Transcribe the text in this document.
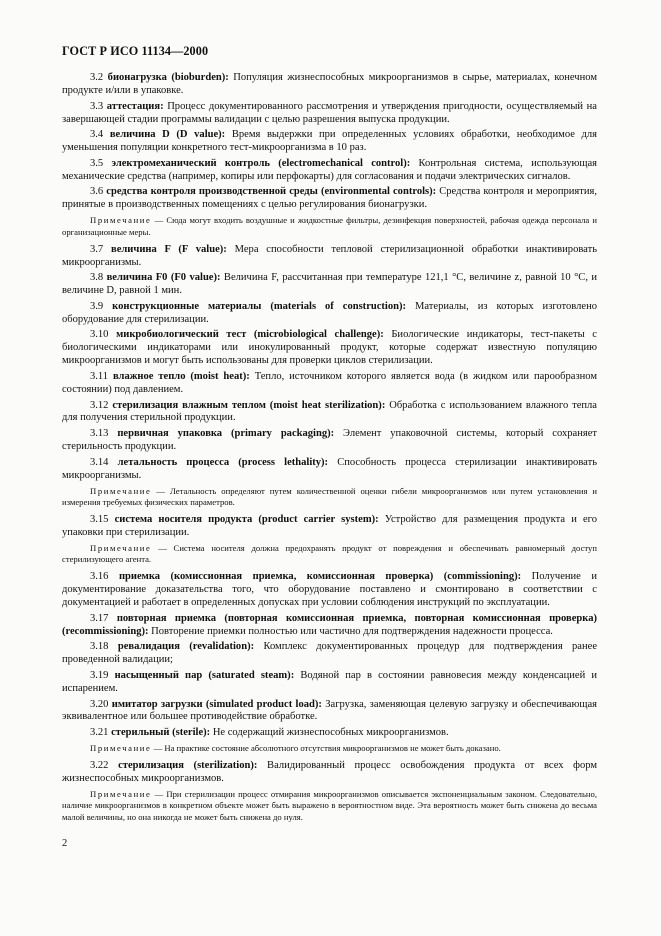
ГОСТ Р ИСО 11134—2000

3.2 бионагрузка (bioburden): Популяция жизнеспособных микроорганизмов в сырье, материалах, конечном продукте и/или в упаковке.

3.3 аттестация: Процесс документированного рассмотрения и утверждения пригодности, осуществляемый на завершающей стадии программы валидации с целью разрешения выпуска продукции.

3.4 величина D (D value): Время выдержки при определенных условиях обработки, необходимое для уменьшения популяции конкретного тест-микроорганизма в 10 раз.

3.5 электромеханический контроль (electromechanical control): Контрольная система, использующая механические средства (например, копиры или перфокарты) для согласования и подачи электрических сигналов.

3.6 средства контроля производственной среды (environmental controls): Средства контроля и мероприятия, принятые в производственных помещениях с целью регулирования бионагрузки.

Примечание — Сюда могут входить воздушные и жидкостные фильтры, дезинфекция поверхностей, рабочая одежда персонала и организационные меры.

3.7 величина F (F value): Мера способности тепловой стерилизационной обработки инактивировать микроорганизмы.

3.8 величина F0 (F0 value): Величина F, рассчитанная при температуре 121,1 °C, величине z, равной 10 °C, и величине D, равной 1 мин.

3.9 конструкционные материалы (materials of construction): Материалы, из которых изготовлено оборудование для стерилизации.

3.10 микробиологический тест (microbiological challenge): Биологические индикаторы, тест-пакеты с биологическими индикаторами или инокулированный продукт, которые содержат известную популяцию микроорганизмов и могут быть использованы для проверки циклов стерилизации.

3.11 влажное тепло (moist heat): Тепло, источником которого является вода (в жидком или парообразном состоянии) под давлением.

3.12 стерилизация влажным теплом (moist heat sterilization): Обработка с использованием влажного тепла для получения стерильной продукции.

3.13 первичная упаковка (primary packaging): Элемент упаковочной системы, который сохраняет стерильность продукции.

3.14 летальность процесса (process lethality): Способность процесса стерилизации инактивировать микроорганизмы.

Примечание — Летальность определяют путем количественной оценки гибели микроорганизмов или путем установления и измерения требуемых физических параметров.

3.15 система носителя продукта (product carrier system): Устройство для размещения продукта и его упаковки при стерилизации.

Примечание — Система носителя должна предохранять продукт от повреждения и обеспечивать равномерный доступ стерилизующего агента.

3.16 приемка (комиссионная приемка, комиссионная проверка) (commissioning): Получение и документирование доказательства того, что оборудование поставлено и смонтировано в соответствии с документацией и работает в определенных допусках при условии соблюдения инструкций по эксплуатации.

3.17 повторная приемка (повторная комиссионная приемка, повторная комиссионная проверка) (recommissioning): Повторение приемки полностью или частично для подтверждения надежности процесса.

3.18 ревалидация (revalidation): Комплекс документированных процедур для подтверждения ранее проведенной валидации;

3.19 насыщенный пар (saturated steam): Водяной пар в состоянии равновесия между конденсацией и испарением.

3.20 имитатор загрузки (simulated product load): Загрузка, заменяющая целевую загрузку и обеспечивающая эквивалентное или большее противодействие обработке.

3.21 стерильный (sterile): Не содержащий жизнеспособных микроорганизмов.

Примечание — На практике состояние абсолютного отсутствия микроорганизмов не может быть доказано.

3.22 стерилизация (sterilization): Валидированный процесс освобождения продукта от всех форм жизнеспособных микроорганизмов.

Примечание — При стерилизации процесс отмирания микроорганизмов описывается экспоненциальным законом. Следовательно, наличие микроорганизмов в конкретном объекте может быть выражено в вероятностном виде. Эта вероятность может быть снижена до весьма малой величины, но она никогда не может быть снижена до нуля.

2
